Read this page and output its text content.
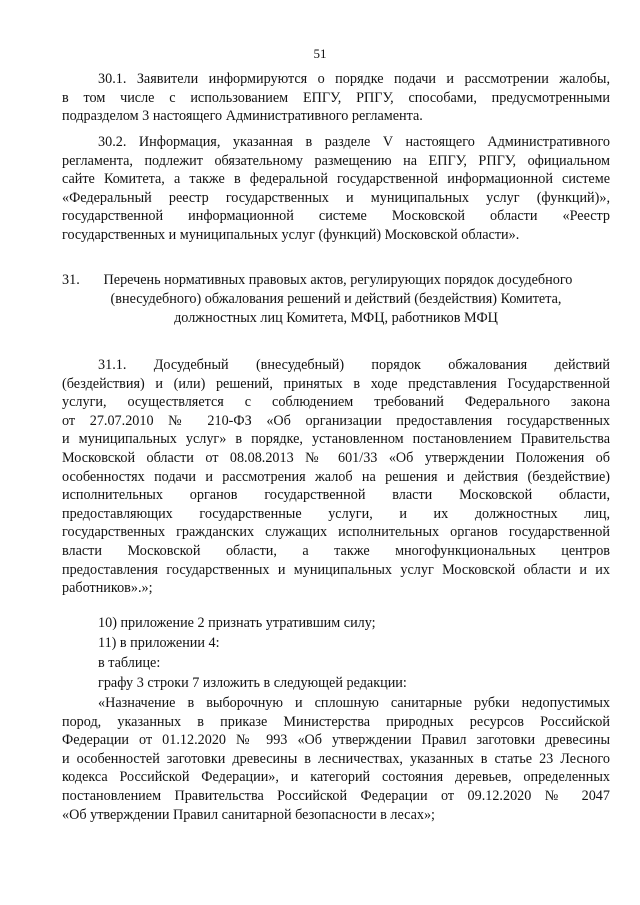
51
30.1. Заявители информируются о порядке подачи и рассмотрении жалобы,
в том числе с использованием ЕПГУ, РПГУ, способами, предусмотренными
подразделом 3 настоящего Административного регламента.
30.2. Информация, указанная в разделе V настоящего Административного
регламента, подлежит обязательному размещению на ЕПГУ, РПГУ, официальном
сайте Комитета, а также в федеральной государственной информационной системе
«Федеральный реестр государственных и муниципальных услуг (функций)»,
государственной информационной системе Московской области «Реестр
государственных и муниципальных услуг (функций) Московской области».
31. Перечень нормативных правовых актов, регулирующих порядок досудебного
(внесудебного) обжалования решений и действий (бездействия) Комитета,
должностных лиц Комитета, МФЦ, работников МФЦ
31.1. Досудебный (внесудебный) порядок обжалования действий
(бездействия) и (или) решений, принятых в ходе представления Государственной
услуги, осуществляется с соблюдением требований Федерального закона
от 27.07.2010 № 210-ФЗ «Об организации предоставления государственных
и муниципальных услуг» в порядке, установленном постановлением Правительства
Московской области от 08.08.2013 № 601/33 «Об утверждении Положения об
особенностях подачи и рассмотрения жалоб на решения и действия (бездействие)
исполнительных органов государственной власти Московской области,
предоставляющих государственные услуги, и их должностных лиц,
государственных гражданских служащих исполнительных органов государственной
власти Московской области, а также многофункциональных центров
предоставления государственных и муниципальных услуг Московской области и их
работников».»;
10) приложение 2 признать утратившим силу;
11) в приложении 4:
в таблице:
графу 3 строки 7 изложить в следующей редакции:
«Назначение в выборочную и сплошную санитарные рубки недопустимых
пород, указанных в приказе Министерства природных ресурсов Российской
Федерации от 01.12.2020 № 993 «Об утверждении Правил заготовки древесины
и особенностей заготовки древесины в лесничествах, указанных в статье 23 Лесного
кодекса Российской Федерации», и категорий состояния деревьев, определенных
постановлением Правительства Российской Федерации от 09.12.2020 № 2047
«Об утверждении Правил санитарной безопасности в лесах»;
